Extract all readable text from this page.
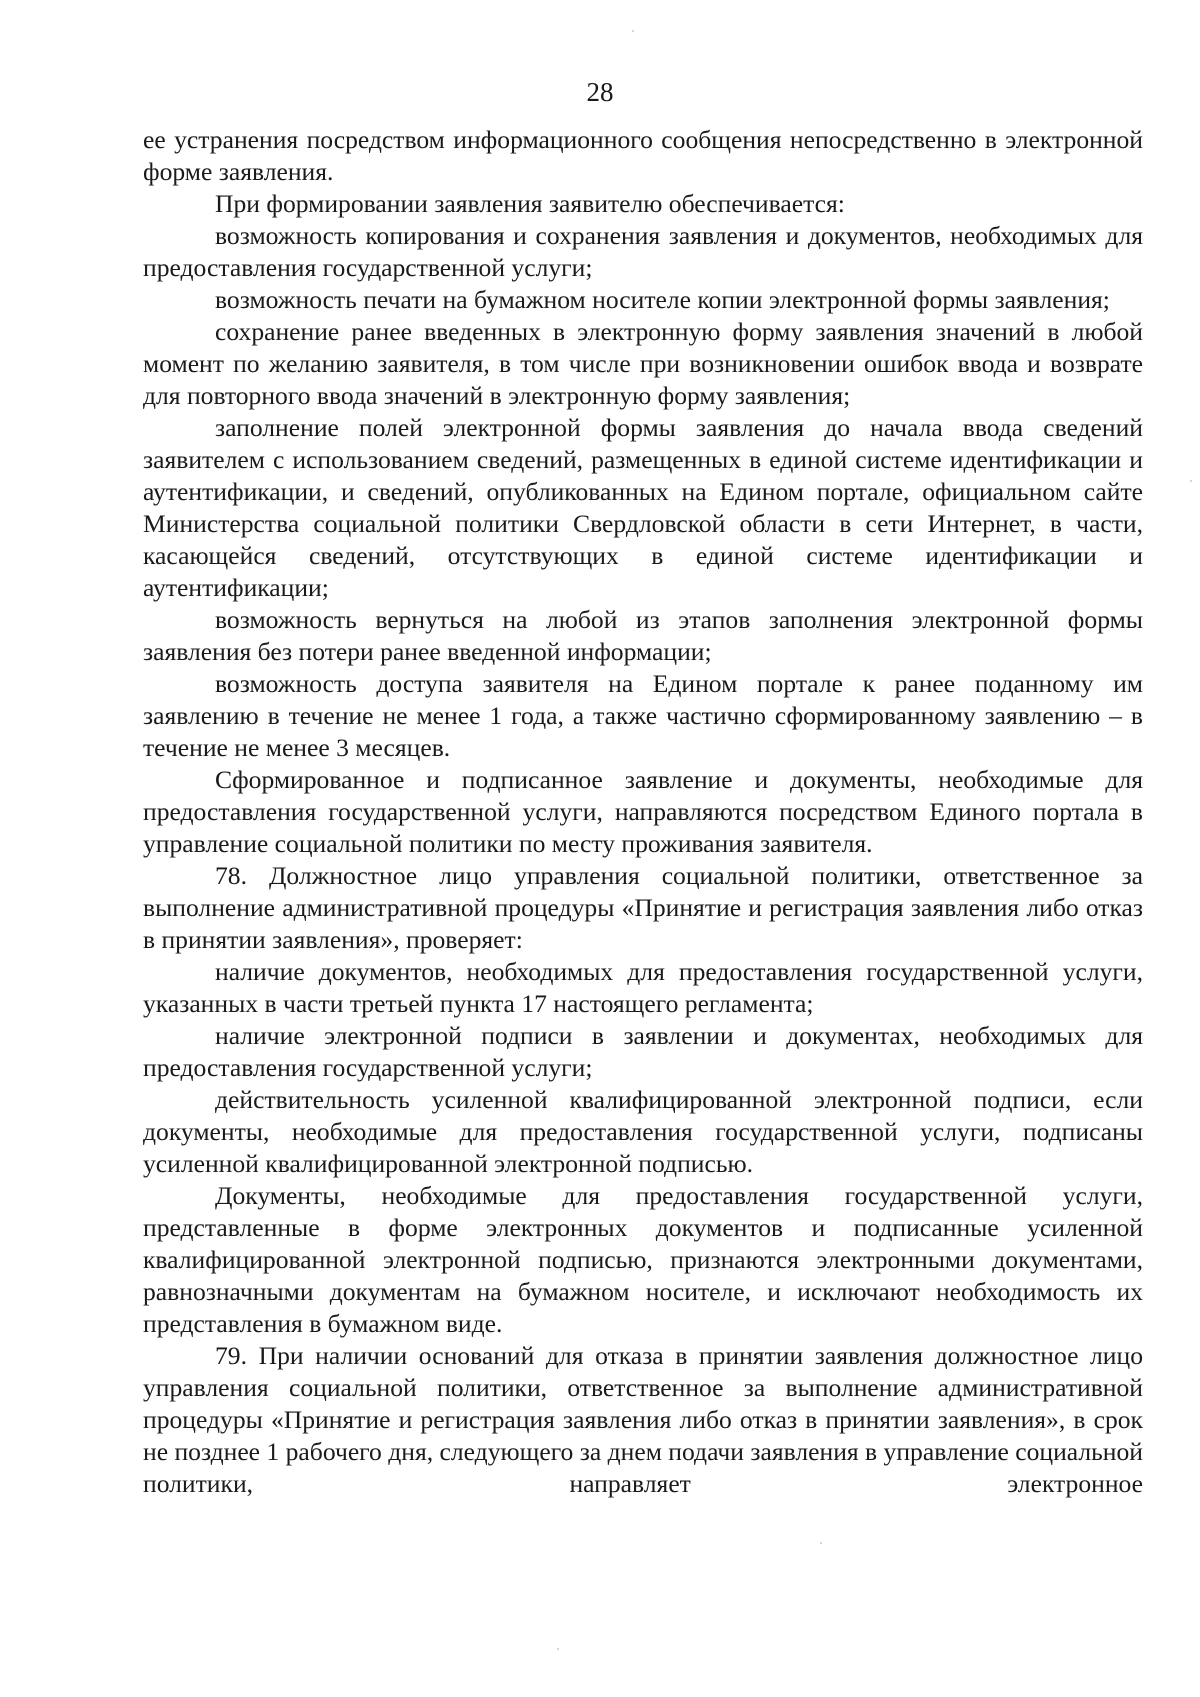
28

ее устранения посредством информационного сообщения непосредственно в электронной форме заявления.

При формировании заявления заявителю обеспечивается:

возможность копирования и сохранения заявления и документов, необходимых для предоставления государственной услуги;

возможность печати на бумажном носителе копии электронной формы заявления;

сохранение ранее введенных в электронную форму заявления значений в любой момент по желанию заявителя, в том числе при возникновении ошибок ввода и возврате для повторного ввода значений в электронную форму заявления;

заполнение полей электронной формы заявления до начала ввода сведений заявителем с использованием сведений, размещенных в единой системе идентификации и аутентификации, и сведений, опубликованных на Едином портале, официальном сайте Министерства социальной политики Свердловской области в сети Интернет, в части, касающейся сведений, отсутствующих в единой системе идентификации и аутентификации;

возможность вернуться на любой из этапов заполнения электронной формы заявления без потери ранее введенной информации;

возможность доступа заявителя на Едином портале к ранее поданному им заявлению в течение не менее 1 года, а также частично сформированному заявлению – в течение не менее 3 месяцев.

Сформированное и подписанное заявление и документы, необходимые для предоставления государственной услуги, направляются посредством Единого портала в управление социальной политики по месту проживания заявителя.

78. Должностное лицо управления социальной политики, ответственное за выполнение административной процедуры «Принятие и регистрация заявления либо отказ в принятии заявления», проверяет:

наличие документов, необходимых для предоставления государственной услуги, указанных в части третьей пункта 17 настоящего регламента;

наличие электронной подписи в заявлении и документах, необходимых для предоставления государственной услуги;

действительность усиленной квалифицированной электронной подписи, если документы, необходимые для предоставления государственной услуги, подписаны усиленной квалифицированной электронной подписью.

Документы, необходимые для предоставления государственной услуги, представленные в форме электронных документов и подписанные усиленной квалифицированной электронной подписью, признаются электронными документами, равнозначными документам на бумажном носителе, и исключают необходимость их представления в бумажном виде.

79. При наличии оснований для отказа в принятии заявления должностное лицо управления социальной политики, ответственное за выполнение административной процедуры «Принятие и регистрация заявления либо отказ в принятии заявления», в срок не позднее 1 рабочего дня, следующего за днем подачи заявления в управление социальной политики, направляет электронное
